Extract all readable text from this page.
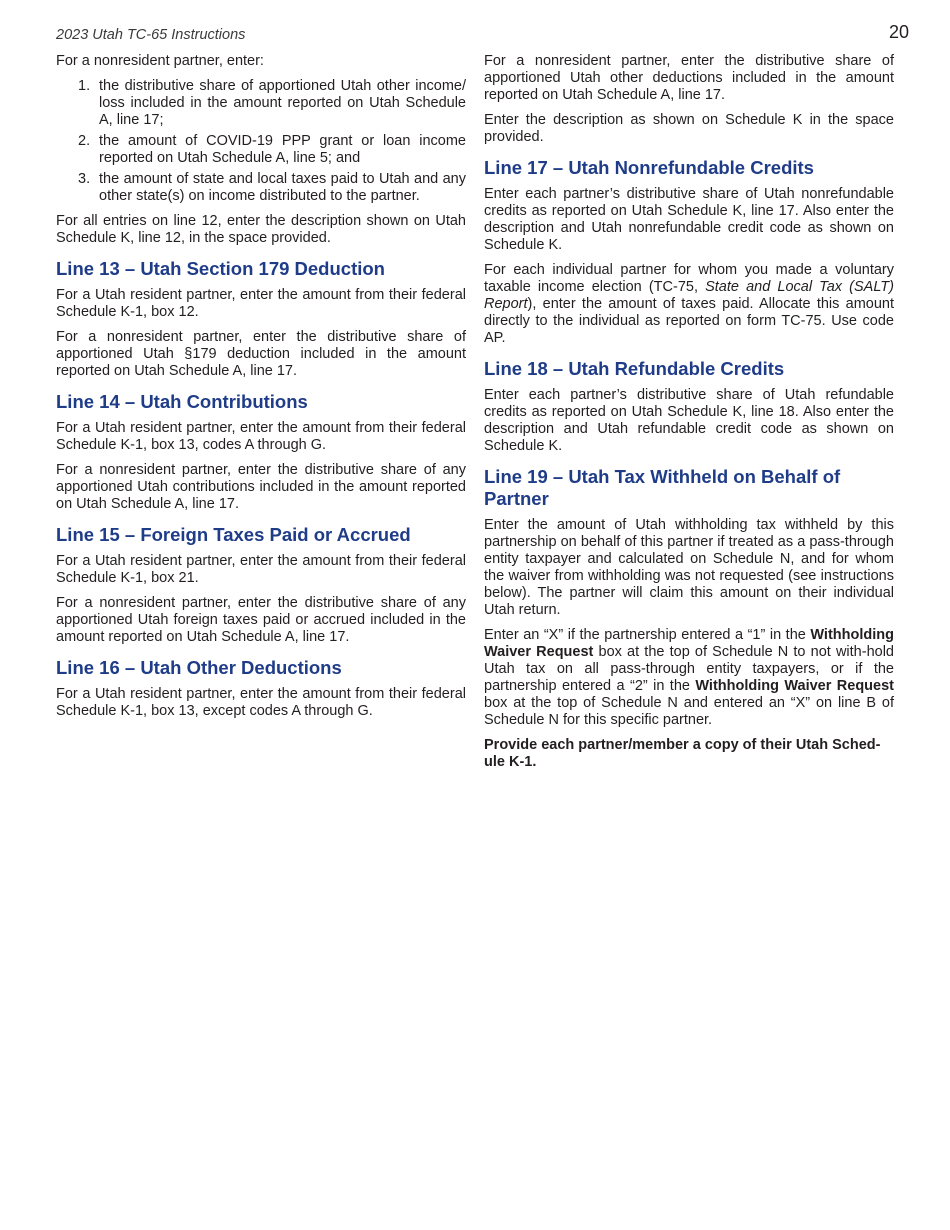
2023 Utah TC-65 Instructions	20

For a nonresident partner, enter:

1. the distributive share of apportioned Utah other income/ loss included in the amount reported on Utah Schedule A, line 17;
2. the amount of COVID-19 PPP grant or loan income reported on Utah Schedule A, line 5; and
3. the amount of state and local taxes paid to Utah and any other state(s) on income distributed to the partner.

For all entries on line 12, enter the description shown on Utah Schedule K, line 12, in the space provided.

Line 13 – Utah Section 179 Deduction

For a Utah resident partner, enter the amount from their federal Schedule K-1, box 12.

For a nonresident partner, enter the distributive share of apportioned Utah §179 deduction included in the amount reported on Utah Schedule A, line 17.

Line 14 – Utah Contributions

For a Utah resident partner, enter the amount from their federal Schedule K-1, box 13, codes A through G.

For a nonresident partner, enter the distributive share of any apportioned Utah contributions included in the amount reported on Utah Schedule A, line 17.

Line 15 – Foreign Taxes Paid or Accrued

For a Utah resident partner, enter the amount from their federal Schedule K-1, box 21.

For a nonresident partner, enter the distributive share of any apportioned Utah foreign taxes paid or accrued included in the amount reported on Utah Schedule A, line 17.

Line 16 – Utah Other Deductions

For a Utah resident partner, enter the amount from their federal Schedule K-1, box 13, except codes A through G.

For a nonresident partner, enter the distributive share of apportioned Utah other deductions included in the amount reported on Utah Schedule A, line 17.

Enter the description as shown on Schedule K in the space provided.

Line 17 – Utah Nonrefundable Credits

Enter each partner’s distributive share of Utah nonrefundable credits as reported on Utah Schedule K, line 17. Also enter the description and Utah nonrefundable credit code as shown on Schedule K.

For each individual partner for whom you made a voluntary taxable income election (TC-75, State and Local Tax (SALT) Report), enter the amount of taxes paid. Allocate this amount directly to the individual as reported on form TC-75. Use code AP.

Line 18 – Utah Refundable Credits

Enter each partner’s distributive share of Utah refundable credits as reported on Utah Schedule K, line 18. Also enter the description and Utah refundable credit code as shown on Schedule K.

Line 19 – Utah Tax Withheld on Behalf of Partner

Enter the amount of Utah withholding tax withheld by this partnership on behalf of this partner if treated as a pass-through entity taxpayer and calculated on Schedule N, and for whom the waiver from withholding was not requested (see instructions below). The partner will claim this amount on their individual Utah return.

Enter an “X” if the partnership entered a “1” in the Withholding Waiver Request box at the top of Schedule N to not with-hold Utah tax on all pass-through entity taxpayers, or if the partnership entered a “2” in the Withholding Waiver Request box at the top of Schedule N and entered an “X” on line B of Schedule N for this specific partner.

Provide each partner/member a copy of their Utah Sched-ule K-1.
